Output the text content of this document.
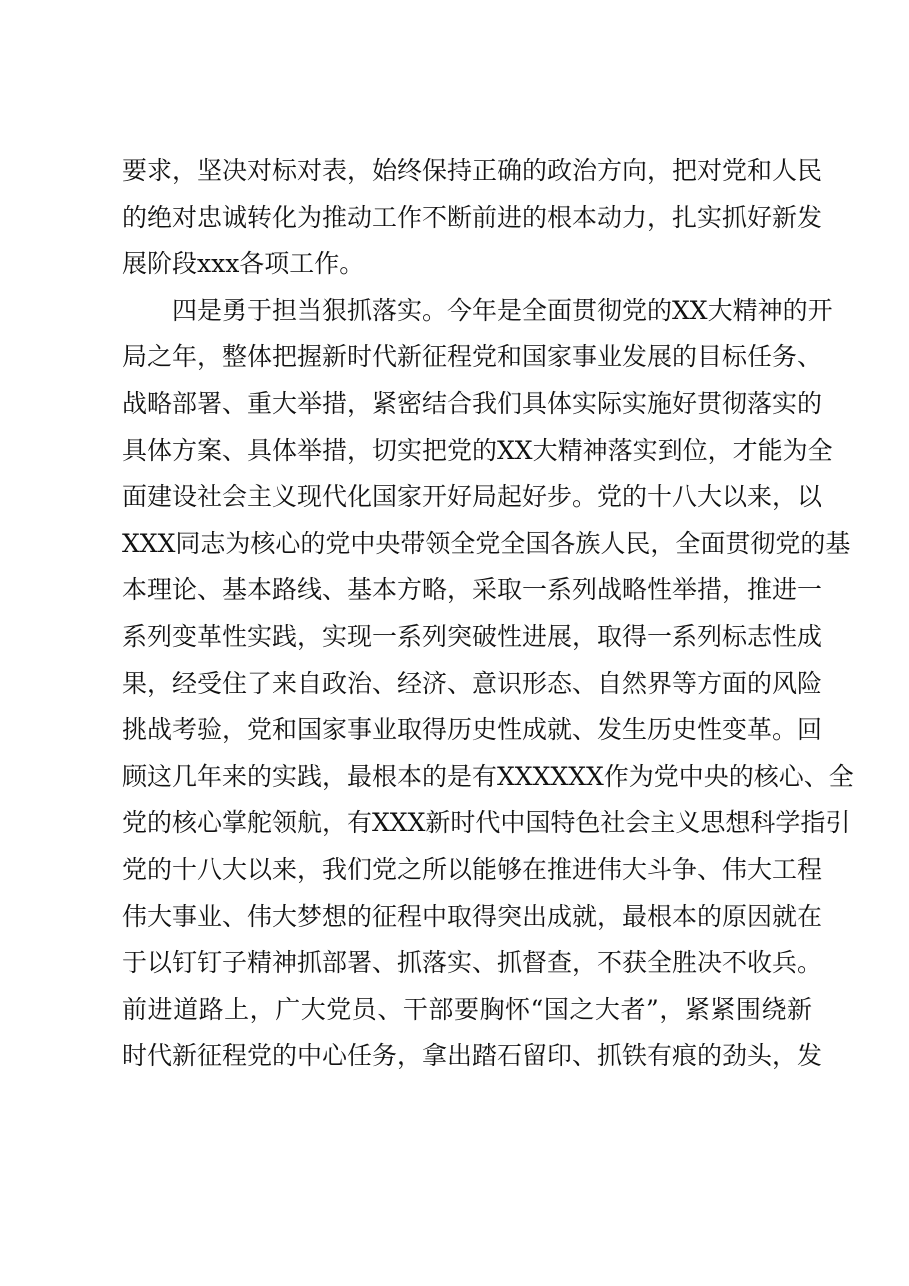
要求，坚决对标对表，始终保持正确的政治方向，把对党和人民
的绝对忠诚转化为推动工作不断前进的根本动力，扎实抓好新发
展阶段xxx各项工作。
四是勇于担当狠抓落实。今年是全面贯彻党的XX大精神的开
局之年，整体把握新时代新征程党和国家事业发展的目标任务、
战略部署、重大举措，紧密结合我们具体实际实施好贯彻落实的
具体方案、具体举措，切实把党的XX大精神落实到位，才能为全
面建设社会主义现代化国家开好局起好步。党的十八大以来，以
XXX同志为核心的党中央带领全党全国各族人民，全面贯彻党的基
本理论、基本路线、基本方略，采取一系列战略性举措，推进一
系列变革性实践，实现一系列突破性进展，取得一系列标志性成
果，经受住了来自政治、经济、意识形态、自然界等方面的风险
挑战考验，党和国家事业取得历史性成就、发生历史性变革。回
顾这几年来的实践，最根本的是有XXXXXX作为党中央的核心、全
党的核心掌舵领航，有XXX新时代中国特色社会主义思想科学指引
党的十八大以来，我们党之所以能够在推进伟大斗争、伟大工程
伟大事业、伟大梦想的征程中取得突出成就，最根本的原因就在
于以钉钉子精神抓部署、抓落实、抓督查，不获全胜决不收兵。
前进道路上，广大党员、干部要胸怀“国之大者”，紧紧围绕新
时代新征程党的中心任务，拿出踏石留印、抓铁有痕的劲头，发
